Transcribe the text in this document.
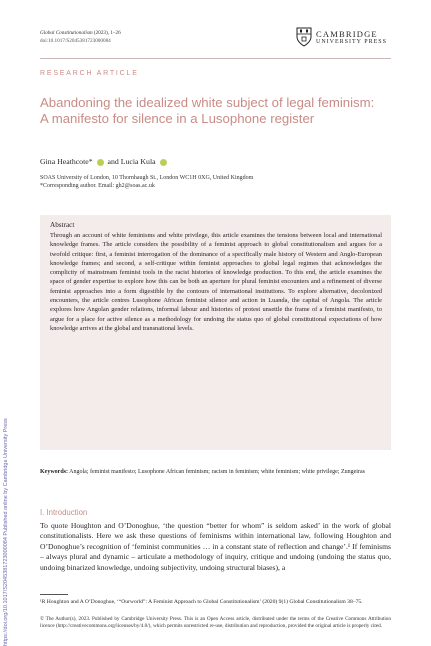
Global Constitutionalism (2023), 1–26
doi:10.1017/S2045381723000084
CAMBRIDGE
UNIVERSITY PRESS
RESEARCH ARTICLE
Abandoning the idealized white subject of legal feminism: A manifesto for silence in a Lusophone register
Gina Heathcote* and Lucia Kula
SOAS University of London, 10 Thornhaugh St., London WC1H 0XG, United Kingdom
*Corresponding author. Email: gh2@soas.ac.uk
Abstract
Through an account of white feminisms and white privilege, this article examines the tensions between local and international knowledge frames. The article considers the possibility of a feminist approach to global constitutionalism and argues for a twofold critique: first, a feminist interrogation of the dominance of a specifically male history of Western and Anglo-European knowledge frames; and second, a self-critique within feminist approaches to global legal regimes that acknowledges the complicity of mainstream feminist tools in the racist histories of knowledge production. To this end, the article examines the space of gender expertise to explore how this can be both an aperture for plural feminist encounters and a refinement of diverse feminist approaches into a form digestible by the contours of international institutions. To explore alternative, decolonized encounters, the article centres Lusophone African feminist silence and action in Luanda, the capital of Angola. The article explores how Angolan gender relations, informal labour and histories of protest unsettle the frame of a feminist manifesto, to argue for a place for active silence as a methodology for undoing the status quo of global constitutional expectations of how knowledge arrives at the global and transnational levels.
Keywords: Angola; feminist manifesto; Lusophone African feminism; racism in feminism; white feminism; white privilege; Zungeiras
I. Introduction
To quote Houghton and O’Donoghue, ‘the question “better for whom” is seldom asked’ in the work of global constitutionalists. Here we ask these questions of feminisms within international law, following Houghton and O’Donoghue’s recognition of ‘feminist communities … in a constant state of reflection and change’.¹ If feminisms – always plural and dynamic – articulate a methodology of inquiry, critique and undoing (undoing the status quo, undoing binarized knowledge, undoing subjectivity, undoing structural biases), a
¹R Houghton and A O’Donoghue, ‘“Ourworld”: A Feminist Approach to Global Constitutionalism’ (2020) 9(1) Global Constitutionalism 38–75.
© The Author(s), 2023. Published by Cambridge University Press. This is an Open Access article, distributed under the terms of the Creative Commons Attribution licence (http://creativecommons.org/licenses/by/4.0/), which permits unrestricted re-use, distribution and reproduction, provided the original article is properly cited.
https://doi.org/10.1017/S2045381723000084 Published online by Cambridge University Press
